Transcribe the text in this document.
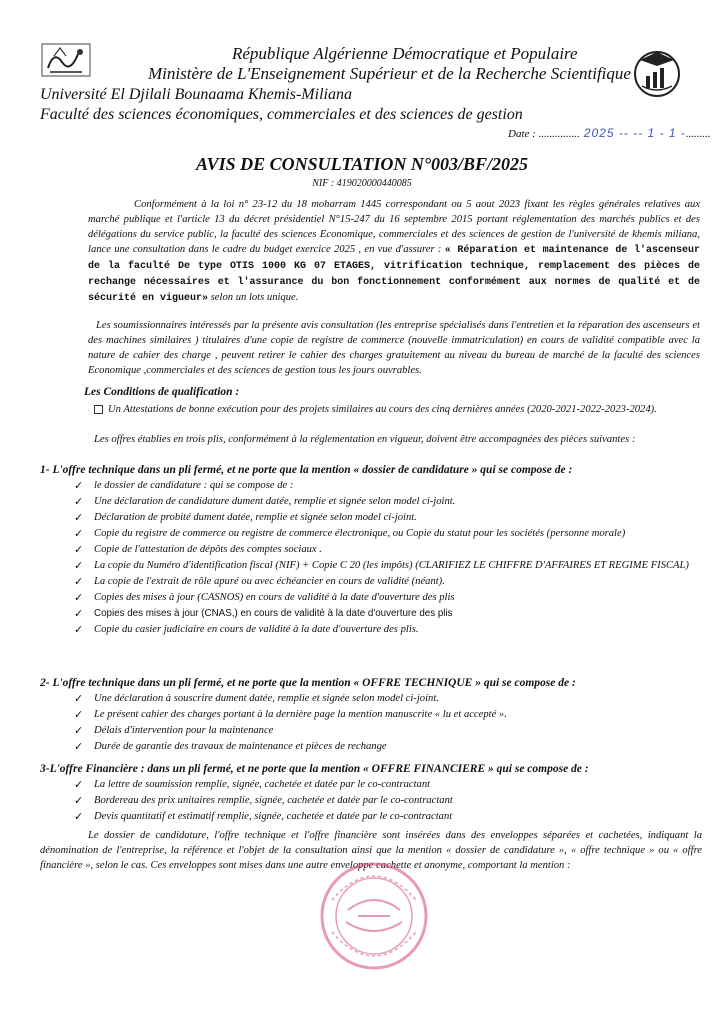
République Algérienne Démocratique et Populaire
Ministère de L'Enseignement Supérieur et de la Recherche Scientifique
Université El Djilali Bounaama Khemis-Miliana
Faculté des sciences économiques, commerciales et des sciences de gestion
Date : ............... 2025 -- -- 1 - 1 -.........
AVIS DE CONSULTATION N°003/BF/2025
NIF : 419020000440085
Conformément à la loi n° 23-12 du 18 moharram 1445 correspondant ou 5 aout 2023 fixant les règles générales relatives aux marché publique et l'article 13 du décret présidentiel N°15-247 du 16 septembre 2015 portant réglementation des marchés publics et des délégations du service public, la faculté des sciences Economique, commerciales et des sciences de gestion de l'université de khemis miliana, lance une consultation dans le cadre du budget exercice 2025 , en vue d'assurer : « Réparation et maintenance de l'ascenseur de la faculté De type OTIS 1000 KG 07 ETAGES, vitrification technique, remplacement des pièces de rechange nécessaires et l'assurance du bon fonctionnement conformément aux normes de qualité et de sécurité en vigueur» selon un lots unique.
Les soumissionnaires intéressés par la présente avis consultation (les entreprise spécialisés dans l'entretien et la réparation des ascenseurs et des machines similaires ) titulaires d'une copie de registre de commerce (nouvelle immatriculation) en cours de validité compatible avec la nature de cahier des charge , peuvent retirer le cahier des charges gratuitement au niveau du bureau de marché de la faculté des sciences Economique ,commerciales et des sciences de gestion tous les jours ouvrables.
Les Conditions de qualification :
Un Attestations de bonne exécution pour des projets similaires au cours des cinq dernières années (2020-2021-2022-2023-2024).
Les offres établies en trois plis, conformément à la réglementation en vigueur, doivent être accompagnées des pièces suivantes :
1- L'offre technique dans un pli fermé, et ne porte que la mention « dossier de candidature » qui se compose de :
✓ le dossier de candidature : qui se compose de :
✓ Une déclaration de candidature dument datée, remplie et signée selon model ci-joint.
✓ Déclaration de probité dument datée, remplie et signée selon model ci-joint.
✓ Copie du registre de commerce ou registre de commerce électronique, ou Copie du statut pour les sociétés (personne morale)
✓ Copie de l'attestation de dépôts des comptes sociaux .
✓ La copie du Numéro d'identification fiscal (NIF) + Copie C 20 (les impôts) (CLARIFIEZ LE CHIFFRE D'AFFAIRES ET REGIME FISCAL)
✓ La copie de l'extrait de rôle apuré ou avec échéancier en cours de validité (néant).
✓ Copies des mises à jour (CASNOS) en cours de validité à la date d'ouverture des plis
✓ Copies des mises à jour (CNAS,) en cours de validité à la date d'ouverture des plis
✓ Copie du casier judiciaire en cours de validité à la date d'ouverture des plis.
2- L'offre technique dans un pli fermé, et ne porte que la mention « OFFRE TECHNIQUE » qui se compose de :
✓ Une déclaration à souscrire dument datée, remplie et signée selon model ci-joint.
✓ Le présent cahier des charges portant à la dernière page la mention manuscrite « lu et accepté ».
✓ Délais d'intervention pour la maintenance
✓ Durée de garantie des travaux de maintenance et pièces de rechange
3-L'offre Financière : dans un pli fermé, et ne porte que la mention « OFFRE FINANCIERE » qui se compose de :
✓ La lettre de soumission remplie, signée, cachetée et datée par le co-contractant
✓ Bordereau des prix unitaires remplie, signée, cachetée et datée par le co-contractant
✓ Devis quantitatif et estimatif remplie, signée, cachetée et datée par le co-contractant
Le dossier de candidature, l'offre technique et l'offre financière sont insérées dans des enveloppes séparées et cachetées, indiquant la dénomination de l'entreprise, la référence et l'objet de la consultation ainsi que la mention « dossier de candidature », « offre technique » ou « offre financière », selon le cas. Ces enveloppes sont mises dans une autre enveloppe cachette et anonyme, comportant la mention :
